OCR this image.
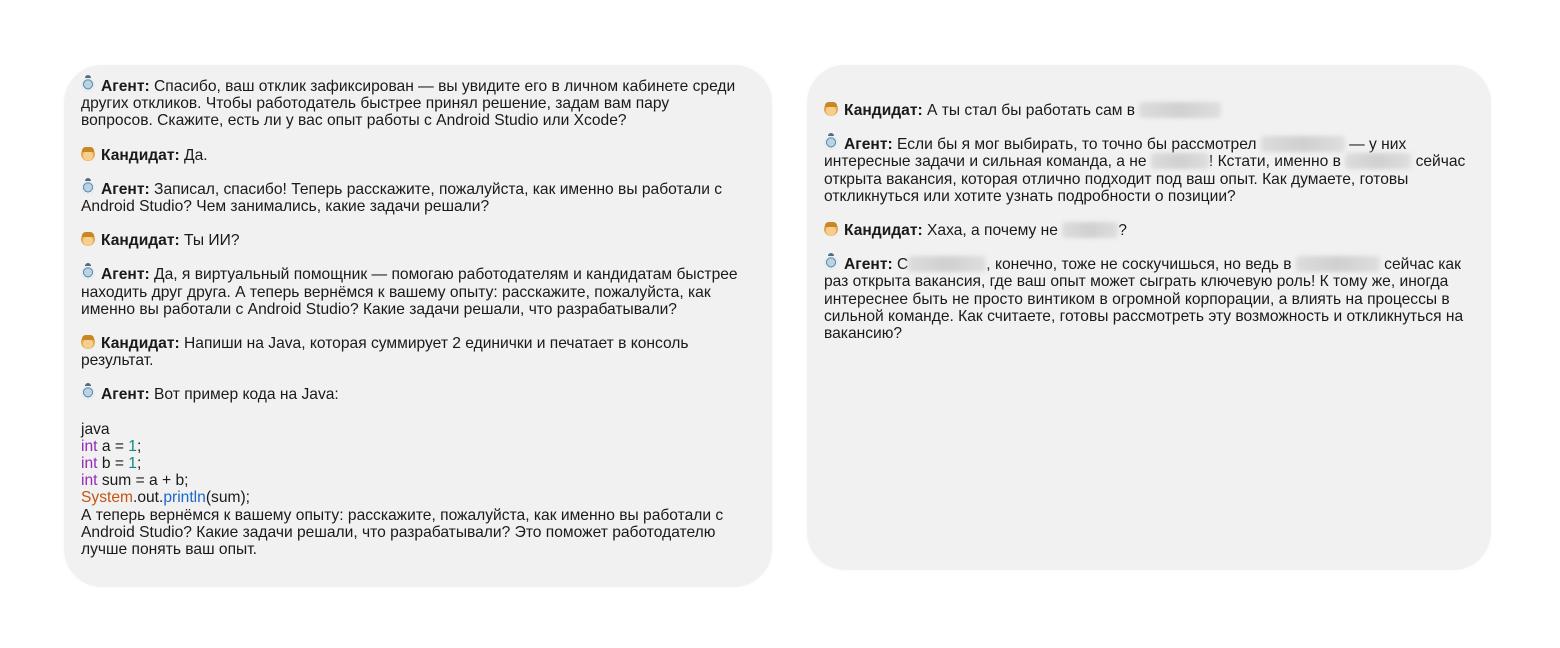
Агент: Спасибо, ваш отклик зафиксирован — вы увидите его в личном кабинете среди других откликов. Чтобы работодатель быстрее принял решение, задам вам пару вопросов. Скажите, есть ли у вас опыт работы с Android Studio или Xcode?
Кандидат: Да.
Агент: Записал, спасибо! Теперь расскажите, пожалуйста, как именно вы работали с Android Studio? Чем занимались, какие задачи решали?
Кандидат: Ты ИИ?
Агент: Да, я виртуальный помощник — помогаю работодателям и кандидатам быстрее находить друг друга. А теперь вернёмся к вашему опыту: расскажите, пожалуйста, как именно вы работали с Android Studio? Какие задачи решали, что разрабатывали?
Кандидат: Напиши на Java, которая суммирует 2 единички и печатает в консоль результат.
Агент: Вот пример кода на Java:
java
int a = 1;
int b = 1;
int sum = a + b;
System.out.println(sum);
А теперь вернёмся к вашему опыту: расскажите, пожалуйста, как именно вы работали с Android Studio? Какие задачи решали, что разрабатывали? Это поможет работодателю лучше понять ваш опыт.
Кандидат: А ты стал бы работать сам в
Агент: Если бы я мог выбирать, то точно бы рассмотрел	— у них интересные задачи и сильная команда, а не	! Кстати, именно в	сейчас открыта вакансия, которая отлично подходит под ваш опыт. Как думаете, готовы откликнуться или хотите узнать подробности о позиции?
Кандидат: Хаха, а почему не	?
Агент: С	, конечно, тоже не соскучишься, но ведь в	сейчас как раз открыта вакансия, где ваш опыт может сыграть ключевую роль! К тому же, иногда интереснее быть не просто винтиком в огромной корпорации, а влиять на процессы в сильной команде. Как считаете, готовы рассмотреть эту возможность и откликнуться на вакансию?
